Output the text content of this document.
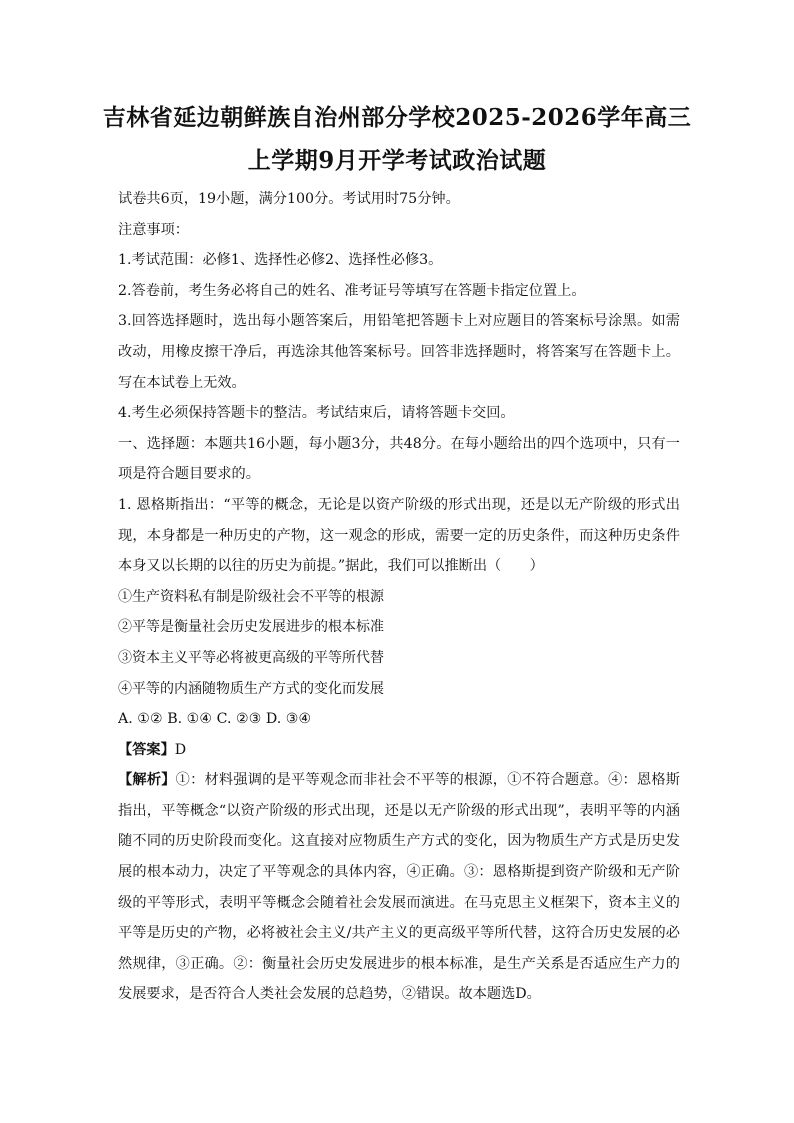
吉林省延边朝鲜族自治州部分学校2025-2026学年高三
上学期9月开学考试政治试题

试卷共6页，19小题，满分100分。考试用时75分钟。

注意事项：

1.考试范围：必修1、选择性必修2、选择性必修3。

2.答卷前，考生务必将自己的姓名、准考证号等填写在答题卡指定位置上。

3.回答选择题时，选出每小题答案后，用铅笔把答题卡上对应题目的答案标号涂黑。如需改动，用橡皮擦干净后，再选涂其他答案标号。回答非选择题时，将答案写在答题卡上。写在本试卷上无效。

4.考生必须保持答题卡的整洁。考试结束后，请将答题卡交回。

一、选择题：本题共16小题，每小题3分，共48分。在每小题给出的四个选项中，只有一项是符合题目要求的。

1. 恩格斯指出：“平等的概念，无论是以资产阶级的形式出现，还是以无产阶级的形式出现，本身都是一种历史的产物，这一观念的形成，需要一定的历史条件，而这种历史条件本身又以长期的以往的历史为前提。”据此，我们可以推断出（　　）

①生产资料私有制是阶级社会不平等的根源

②平等是衡量社会历史发展进步的根本标准

③资本主义平等必将被更高级的平等所代替

④平等的内涵随物质生产方式的变化而发展

A. ①② B. ①④ C. ②③ D. ③④

【答案】D

【解析】①：材料强调的是平等观念而非社会不平等的根源，①不符合题意。④：恩格斯指出，平等概念“以资产阶级的形式出现，还是以无产阶级的形式出现”，表明平等的内涵随不同的历史阶段而变化。这直接对应物质生产方式的变化，因为物质生产方式是历史发展的根本动力，决定了平等观念的具体内容，④正确。③：恩格斯提到资产阶级和无产阶级的平等形式，表明平等概念会随着社会发展而演进。在马克思主义框架下，资本主义的平等是历史的产物，必将被社会主义/共产主义的更高级平等所代替，这符合历史发展的必然规律，③正确。②：衡量社会历史发展进步的根本标准，是生产关系是否适应生产力的发展要求，是否符合人类社会发展的总趋势，②错误。故本题选D。
